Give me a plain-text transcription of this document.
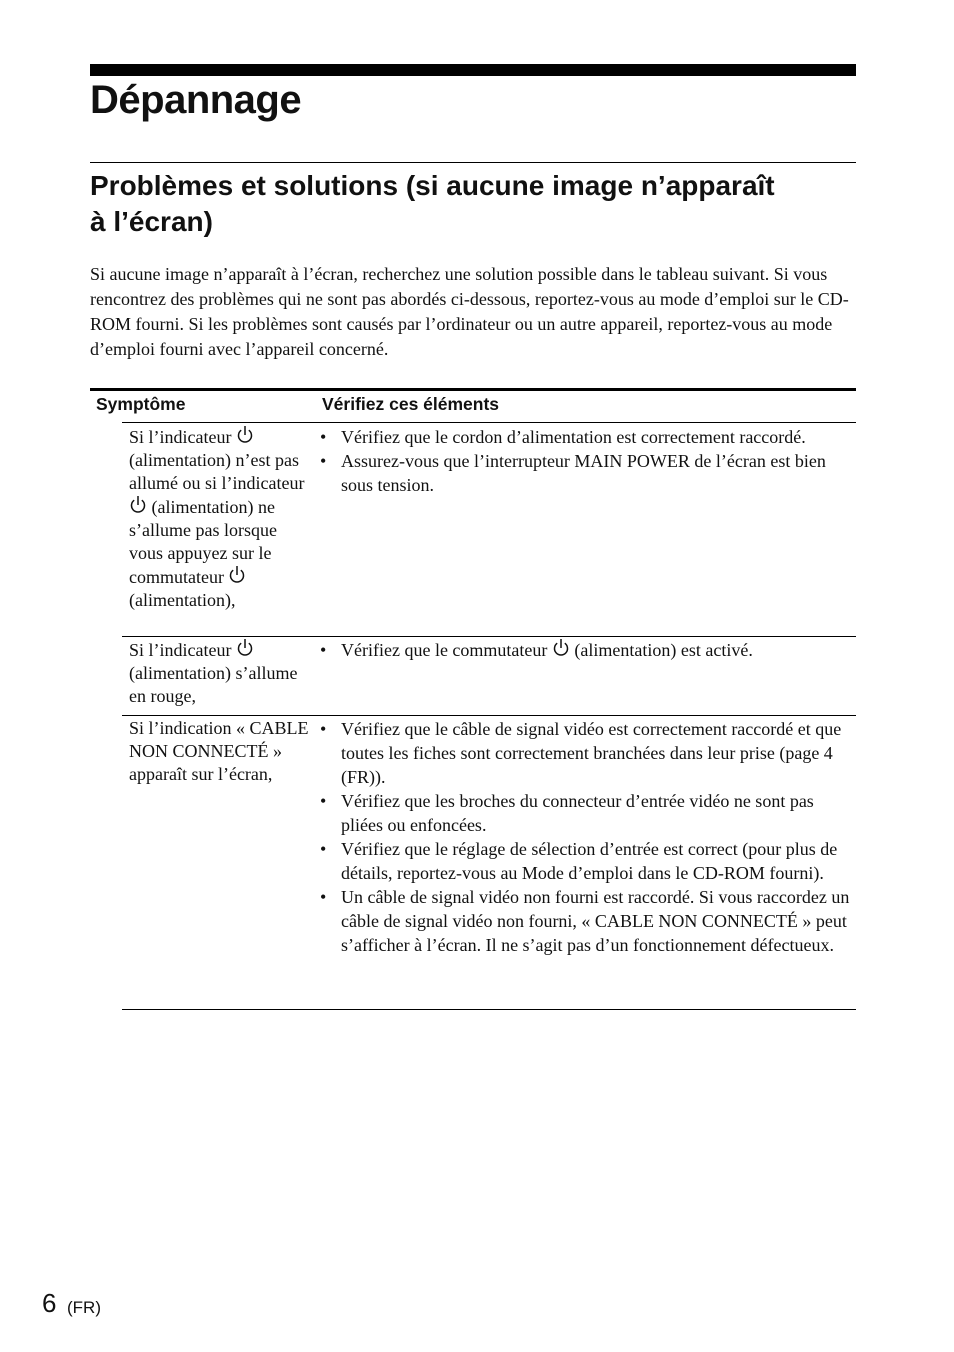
Dépannage
Problèmes et solutions (si aucune image n’apparaît à l’écran)

Si aucune image n’apparaît à l’écran, recherchez une solution possible dans le tableau suivant. Si vous rencontrez des problèmes qui ne sont pas abordés ci-dessous, reportez-vous au mode d’emploi sur le CD-ROM fourni. Si les problèmes sont causés par l’ordinateur ou un autre appareil, reportez-vous au mode d’emploi fourni avec l’appareil concerné.

Symptôme	Vérifiez ces éléments
Si l’indicateur
(alimentation) n’est pas allumé ou si l’indicateur
(alimentation) ne s’allume pas lorsque vous appuyez sur le commutateur
(alimentation),
• Vérifiez que le cordon d’alimentation est correctement raccordé.
• Assurez-vous que l’interrupteur MAIN POWER de l’écran est bien sous tension.
Si l’indicateur
(alimentation) s’allume en rouge,
• Vérifiez que le commutateur (alimentation) est activé.
Si l’indication « CABLE NON CONNECTÉ » apparaît sur l’écran,
• Vérifiez que le câble de signal vidéo est correctement raccordé et que toutes les fiches sont correctement branchées dans leur prise (page 4 (FR)).
• Vérifiez que les broches du connecteur d’entrée vidéo ne sont pas pliées ou enfoncées.
• Vérifiez que le réglage de sélection d’entrée est correct (pour plus de détails, reportez-vous au Mode d’emploi dans le CD-ROM fourni).
• Un câble de signal vidéo non fourni est raccordé. Si vous raccordez un câble de signal vidéo non fourni, « CABLE NON CONNECTÉ » peut s’afficher à l’écran. Il ne s’agit pas d’un fonctionnement défectueux.
6 (FR)
